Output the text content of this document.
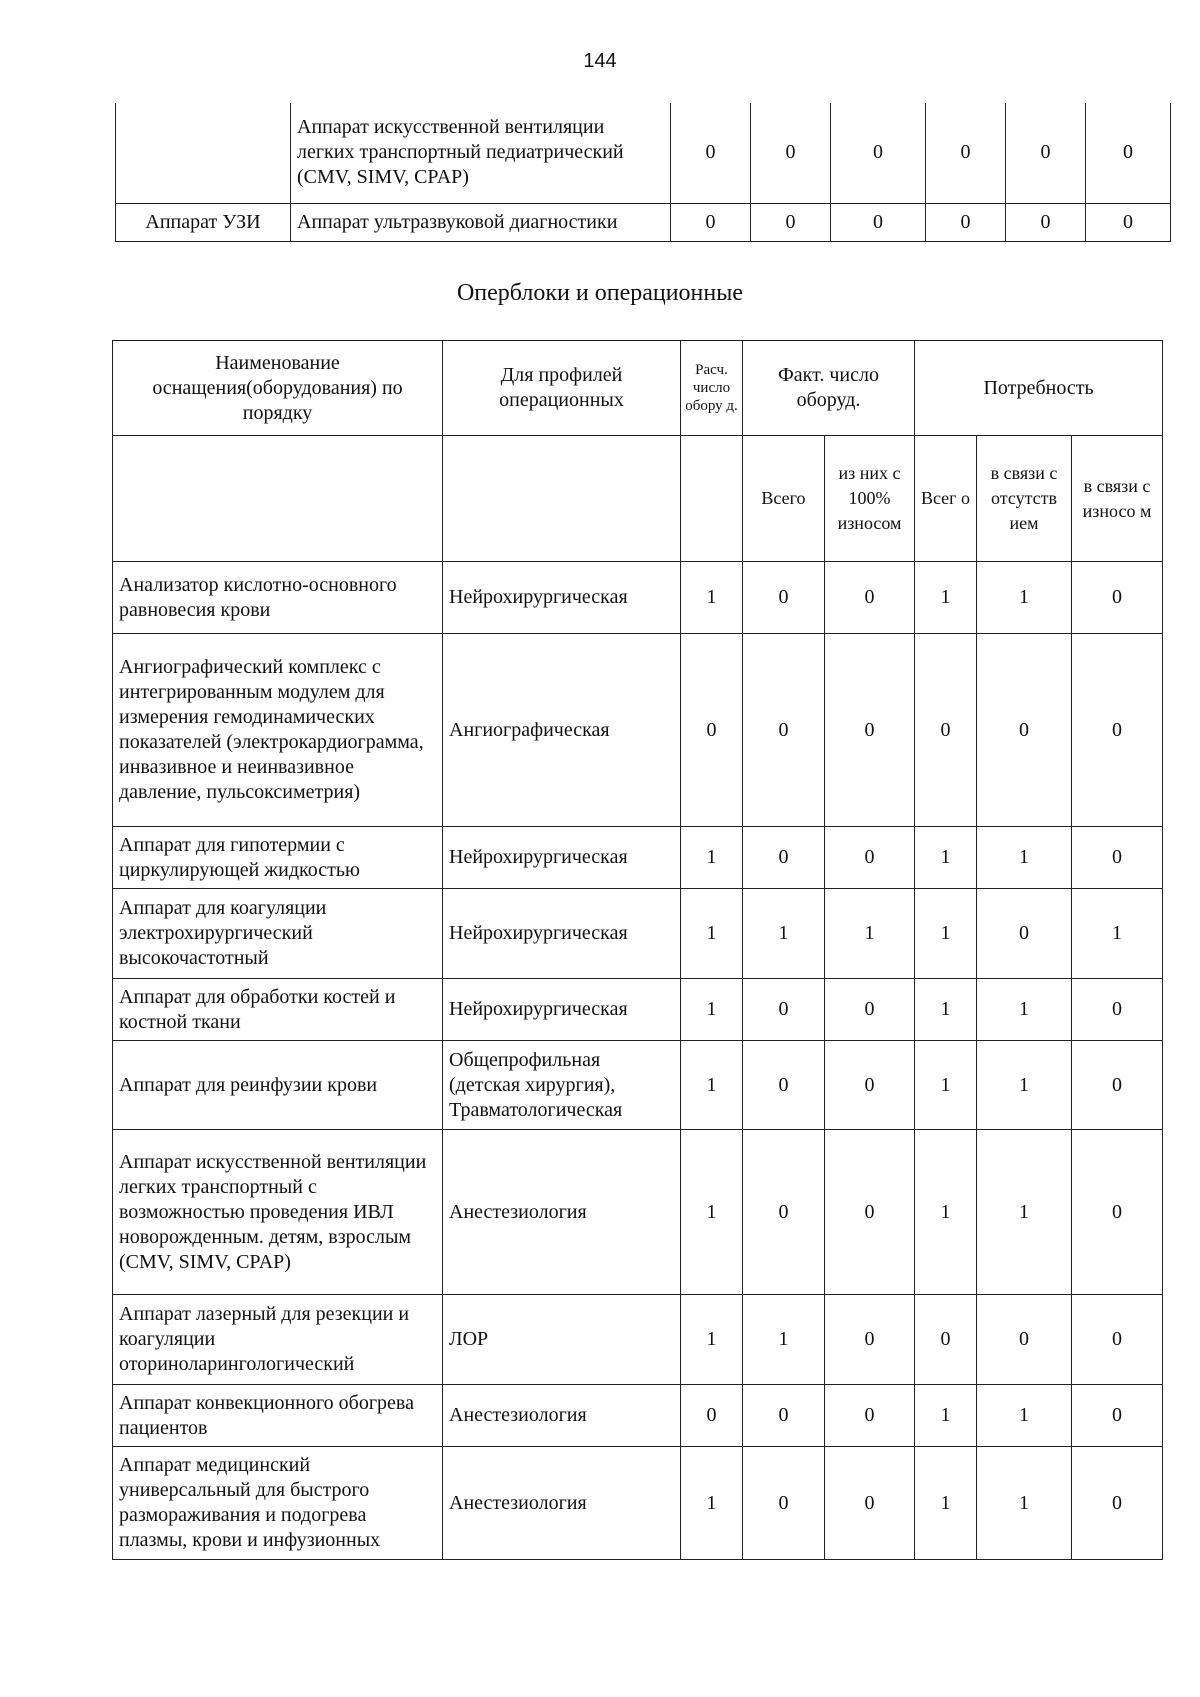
144
	Аппарат искусственной вентиляции легких транспортный педиатрический (CMV, SIMV, CPAP)	0	0	0	0	0	0
Аппарат УЗИ	Аппарат ультразвуковой диагностики	0	0	0	0	0	0
Опербл​оки и операционные
Наименование оснащения(оборудования) по порядку	Для профилей операционных	Расч. число обору д.	Факт. число оборуд.		Потребность		
			Всего	из них с 100% износом	Всег о	в связи с отсутств ием	в связи с износо м
Анализатор кислотно-основного равновесия крови	Нейрохирургическая	1	0	0	1	1	0
Ангиографический комплекс с интегрированным модулем для измерения гемодинамических показателей (электрокардиограмма, инвазивное и неинвазивное давление, пульсоксиметрия)	Ангиографическая	0	0	0	0	0	0
Аппарат для гипотермии с циркулирующей жидкостью	Нейрохирургическая	1	0	0	1	1	0
Аппарат для коагуляции электрохирургический высокочастотный	Нейрохирургическая	1	1	1	1	0	1
Аппарат для обработки костей и костной ткани	Нейрохирургическая	1	0	0	1	1	0
Аппарат для реинфузии крови	Общепрофильная (детская хирургия), Травматологическая	1	0	0	1	1	0
Аппарат искусственной вентиляции легких транспортный с возможностью проведения ИВЛ новорожденным. детям, взрослым (CMV, SIMV, CPAP)	Анестезиология	1	0	0	1	1	0
Аппарат лазерный для резекции и коагуляции оториноларингологический	ЛОР	1	1	0	0	0	0
Аппарат конвекционного обогрева пациентов	Анестезиология	0	0	0	1	1	0
Аппарат медицинский универсальный для быстрого размораживания и подогрева плазмы, крови и инфузионных	Анестезиология	1	0	0	1	1	0
